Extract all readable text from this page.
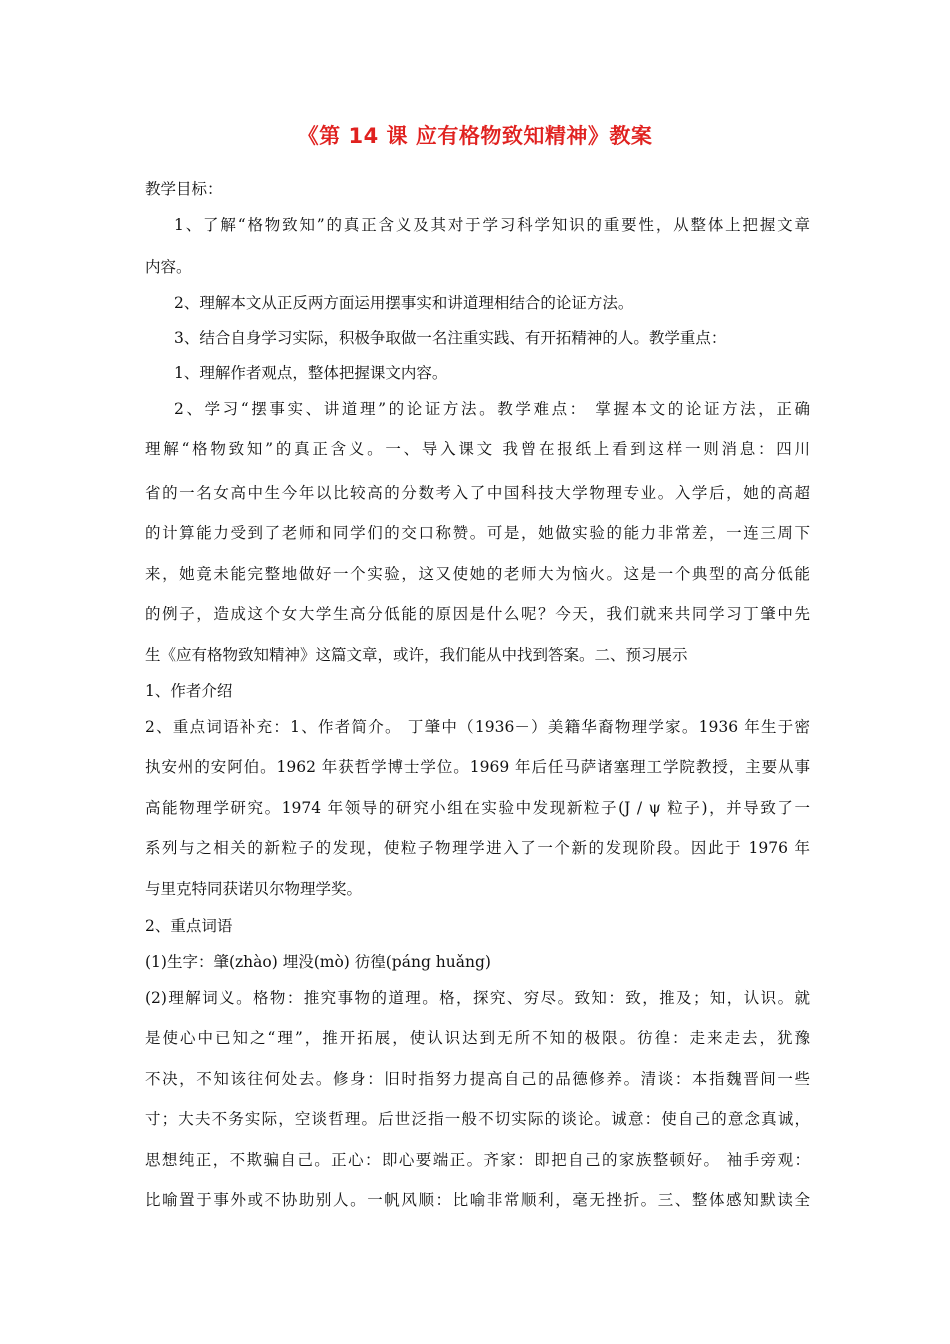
《第 14 课 应有格物致知精神》教案
教学目标：
1、了解“格物致知”的真正含义及其对于学习科学知识的重要性，从整体上把握文章
内容。
2、理解本文从正反两方面运用摆事实和讲道理相结合的论证方法。
3、结合自身学习实际，积极争取做一名注重实践、有开拓精神的人。教学重点：
1、理解作者观点，整体把握课文内容。
2、学习“摆事实、讲道理”的论证方法。教学难点： 掌握本文的论证方法，正确
理解“格物致知”的真正含义。一、导入课文 我曾在报纸上看到这样一则消息：四川
省的一名女高中生今年以比较高的分数考入了中国科技大学物理专业。入学后，她的高超
的计算能力受到了老师和同学们的交口称赞。可是，她做实验的能力非常差，一连三周下
来，她竟未能完整地做好一个实验，这又使她的老师大为恼火。这是一个典型的高分低能
的例子，造成这个女大学生高分低能的原因是什么呢？今天，我们就来共同学习丁肇中先
生《应有格物致知精神》这篇文章，或许，我们能从中找到答案。二、预习展示
1、作者介绍
2、重点词语补充：1、作者简介。 丁肇中（1936－）美籍华裔物理学家。1936 年生于密
执安州的安阿伯。1962 年获哲学博士学位。1969 年后任马萨诸塞理工学院教授，主要从事
高能物理学研究。1974 年领导的研究小组在实验中发现新粒子(J / ψ 粒子)，并导致了一
系列与之相关的新粒子的发现，使粒子物理学进入了一个新的发现阶段。因此于 1976 年
与里克特同获诺贝尔物理学奖。
2、重点词语
(1)生字：肇(zhào) 埋没(mò) 彷徨(páng huǎng)
(2)理解词义。格物：推究事物的道理。格，探究、穷尽。致知：致，推及；知，认识。就
是使心中已知之“理”，推开拓展，使认识达到无所不知的极限。彷徨：走来走去，犹豫
不决，不知该往何处去。修身：旧时指努力提高自己的品德修养。清谈：本指魏晋间一些
寸；大夫不务实际，空谈哲理。后世泛指一般不切实际的谈论。诚意：使自己的意念真诚，
思想纯正，不欺骗自己。正心：即心要端正。齐家：即把自己的家族整顿好。 袖手旁观：
比喻置于事外或不协助别人。一帆风顺：比喻非常顺利，毫无挫折。三、整体感知默读全
